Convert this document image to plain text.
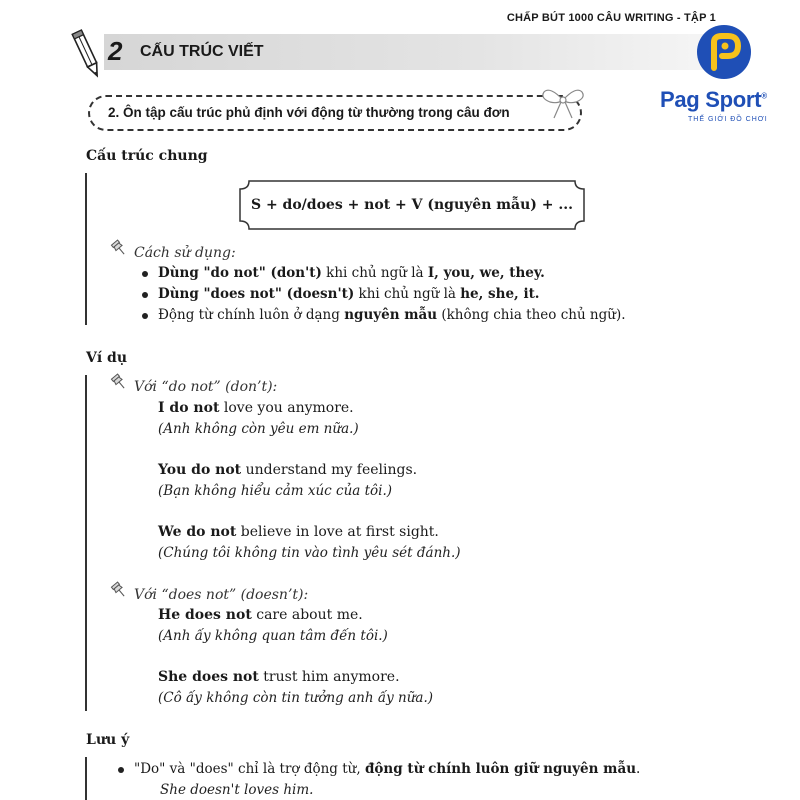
CHẤP BÚT 1000 CÂU WRITING - TẬP 1
2 CẤU TRÚC VIẾT
Pag Sport®
THẾ GIỚI ĐỒ CHƠI
2. Ôn tập cấu trúc phủ định với động từ thường trong câu đơn
Cấu trúc chung
S + do/does + not + V (nguyên mẫu) + ...
Cách sử dụng:
Dùng "do not" (don't) khi chủ ngữ là I, you, we, they.
Dùng "does not" (doesn't) khi chủ ngữ là he, she, it.
Động từ chính luôn ở dạng nguyên mẫu (không chia theo chủ ngữ).
Ví dụ
Với “do not” (don’t):
I do not love you anymore.
(Anh không còn yêu em nữa.)
You do not understand my feelings.
(Bạn không hiểu cảm xúc của tôi.)
We do not believe in love at first sight.
(Chúng tôi không tin vào tình yêu sét đánh.)
Với “does not” (doesn’t):
He does not care about me.
(Anh ấy không quan tâm đến tôi.)
She does not trust him anymore.
(Cô ấy không còn tin tưởng anh ấy nữa.)
Lưu ý
"Do" và "does" chỉ là trợ động từ, động từ chính luôn giữ nguyên mẫu.
She doesn't loves him.
